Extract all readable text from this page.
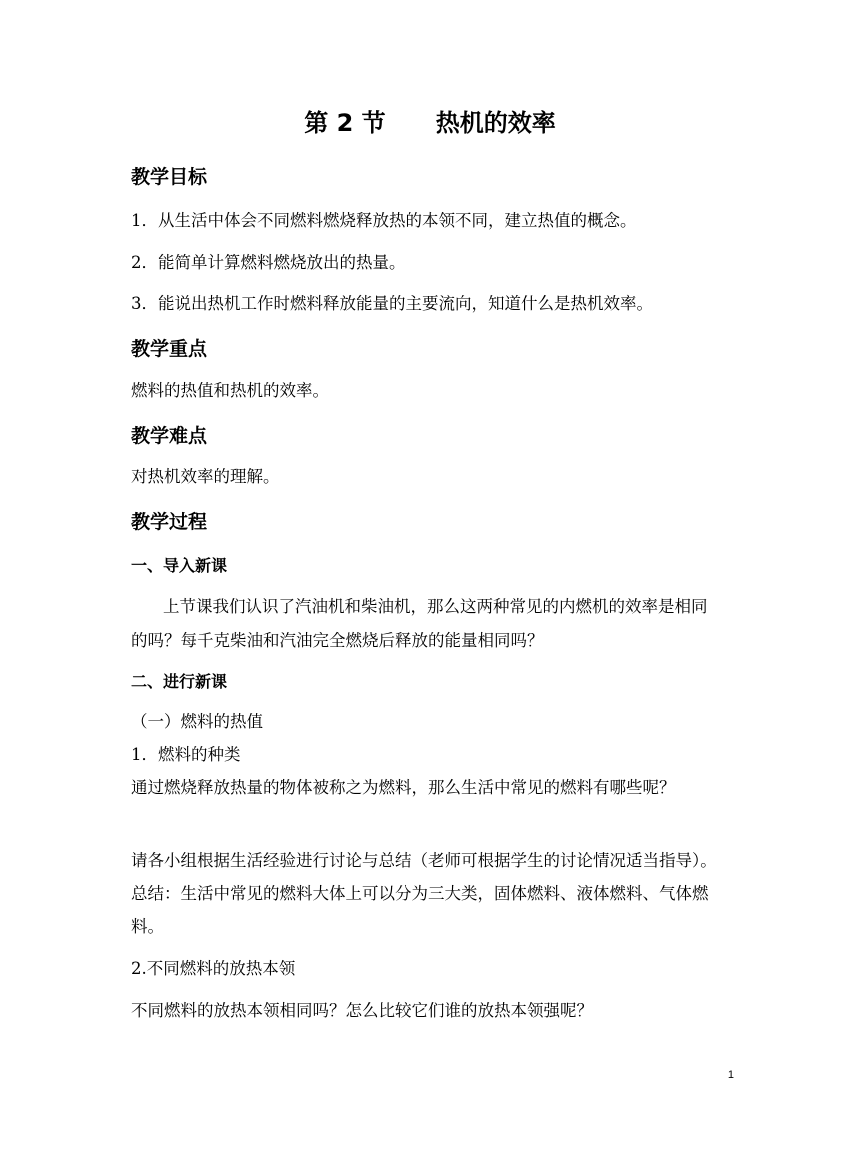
第 2 节      热机的效率
教学目标
1．从生活中体会不同燃料燃烧释放热的本领不同，建立热值的概念。
2．能简单计算燃料燃烧放出的热量。
3．能说出热机工作时燃料释放能量的主要流向，知道什么是热机效率。
教学重点
燃料的热值和热机的效率。
教学难点
对热机效率的理解。
教学过程
一、导入新课
上节课我们认识了汽油机和柴油机，那么这两种常见的内燃机的效率是相同
的吗？每千克柴油和汽油完全燃烧后释放的能量相同吗？
二、进行新课
（一）燃料的热值
1．燃料的种类
通过燃烧释放热量的物体被称之为燃料，那么生活中常见的燃料有哪些呢？
请各小组根据生活经验进行讨论与总结（老师可根据学生的讨论情况适当指导）。
总结：生活中常见的燃料大体上可以分为三大类，固体燃料、液体燃料、气体燃
料。
2.不同燃料的放热本领
不同燃料的放热本领相同吗？怎么比较它们谁的放热本领强呢？
1
